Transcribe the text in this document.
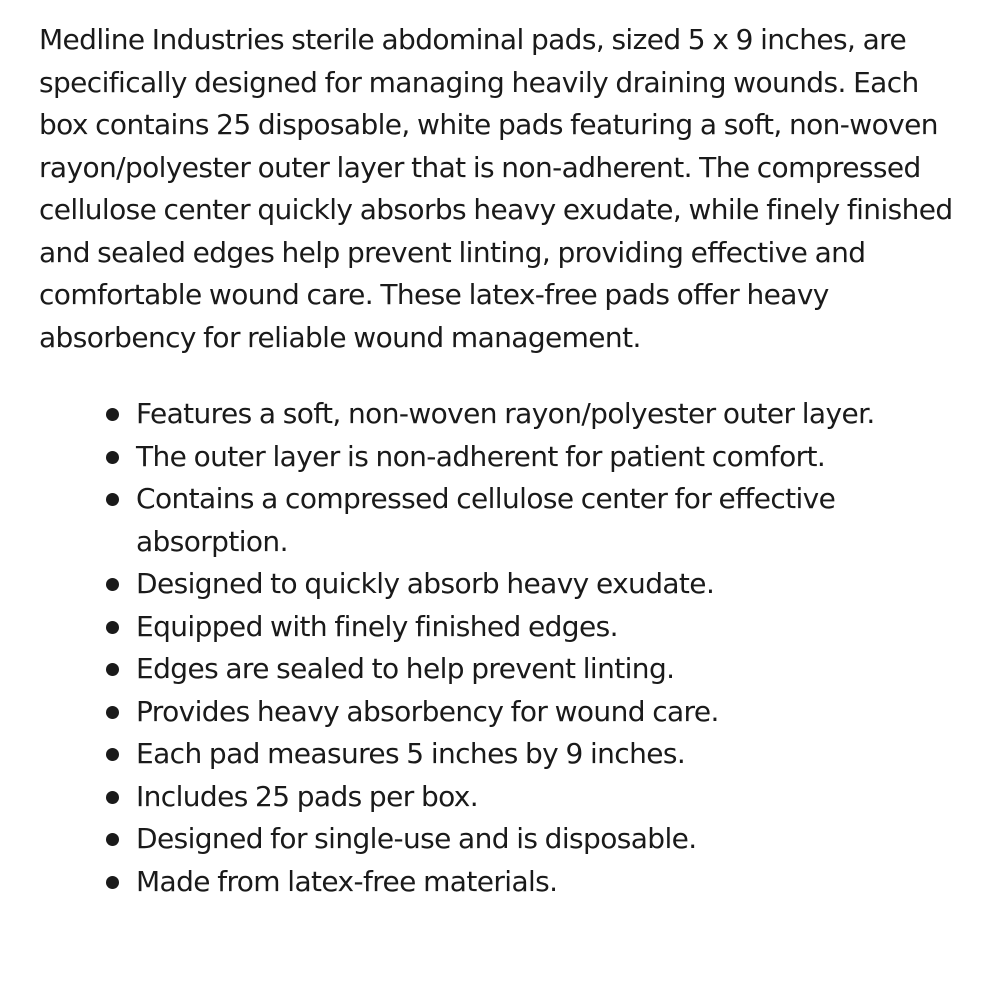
Medline Industries sterile abdominal pads, sized 5 x 9 inches, are specifically designed for managing heavily draining wounds. Each box contains 25 disposable, white pads featuring a soft, non-woven rayon/polyester outer layer that is non-adherent. The compressed cellulose center quickly absorbs heavy exudate, while finely finished and sealed edges help prevent linting, providing effective and comfortable wound care. These latex-free pads offer heavy absorbency for reliable wound management.

Features a soft, non-woven rayon/polyester outer layer.
The outer layer is non-adherent for patient comfort.
Contains a compressed cellulose center for effective absorption.
Designed to quickly absorb heavy exudate.
Equipped with finely finished edges.
Edges are sealed to help prevent linting.
Provides heavy absorbency for wound care.
Each pad measures 5 inches by 9 inches.
Includes 25 pads per box.
Designed for single-use and is disposable.
Made from latex-free materials.
